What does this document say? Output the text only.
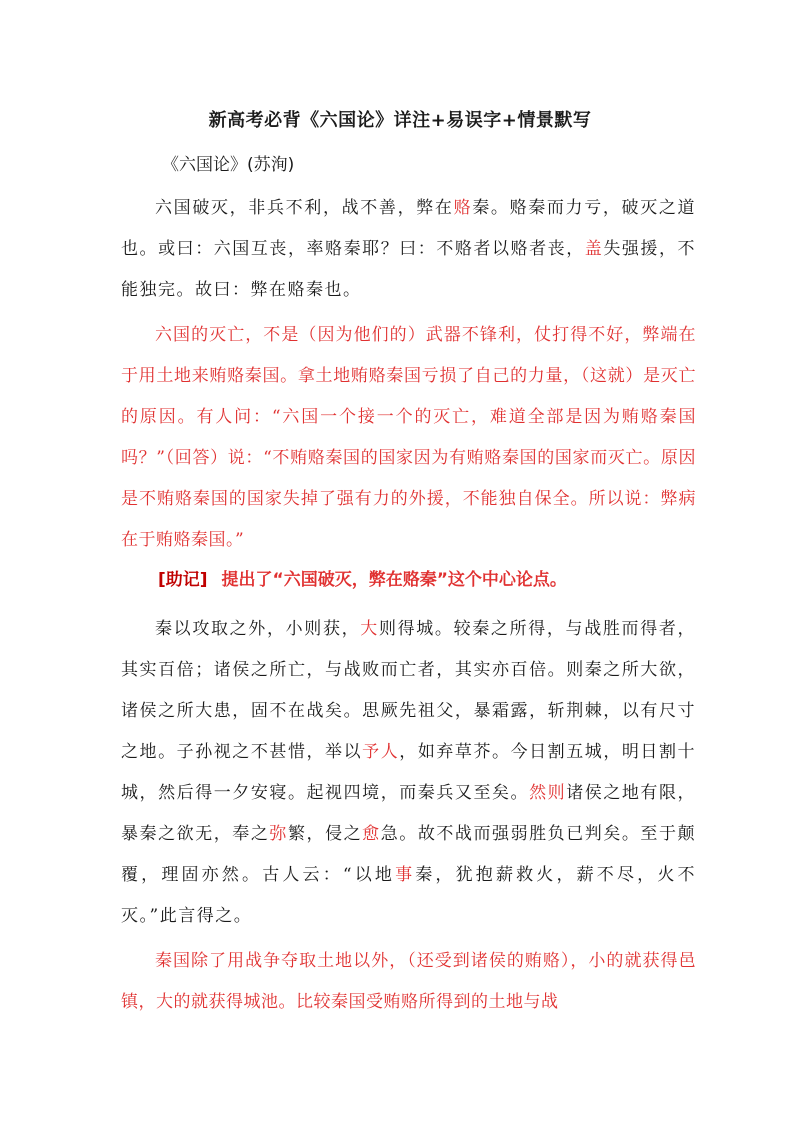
新高考必背《六国论》详注+易误字+情景默写
《六国论》(苏洵)
六国破灭，非兵不利，战不善，弊在赂秦。赂秦而力亏，破灭之道也。或曰：六国互丧，率赂秦耶？曰：不赂者以赂者丧，盖失强援，不能独完。故曰：弊在赂秦也。
六国的灭亡，不是（因为他们的）武器不锋利，仗打得不好，弊端在于用土地来贿赂秦国。拿土地贿赂秦国亏损了自己的力量，（这就）是灭亡的原因。有人问：“六国一个接一个的灭亡，难道全部是因为贿赂秦国吗？”（回答）说：“不贿赂秦国的国家因为有贿赂秦国的国家而灭亡。原因是不贿赂秦国的国家失掉了强有力的外援，不能独自保全。所以说：弊病在于贿赂秦国。”
[助记] 提出了“六国破灭，弊在赂秦”这个中心论点。
秦以攻取之外，小则获，大则得城。较秦之所得，与战胜而得者，其实百倍；诸侯之所亡，与战败而亡者，其实亦百倍。则秦之所大欲，诸侯之所大患，固不在战矣。思厥先祖父，暴霜露，斩荆棘，以有尺寸之地。子孙视之不甚惜，举以予人，如弃草芥。今日割五城，明日割十城，然后得一夕安寝。起视四境，而秦兵又至矣。然则诸侯之地有限，暴秦之欲无，奉之弥繁，侵之愈急。故不战而强弱胜负已判矣。至于颠覆，理固亦然。古人云：“以地事秦，犹抱薪救火，薪不尽，火不灭。”此言得之。
秦国除了用战争夺取土地以外，（还受到诸侯的贿赂），小的就获得邑镇，大的就获得城池。比较秦国受贿赂所得到的土地与战
